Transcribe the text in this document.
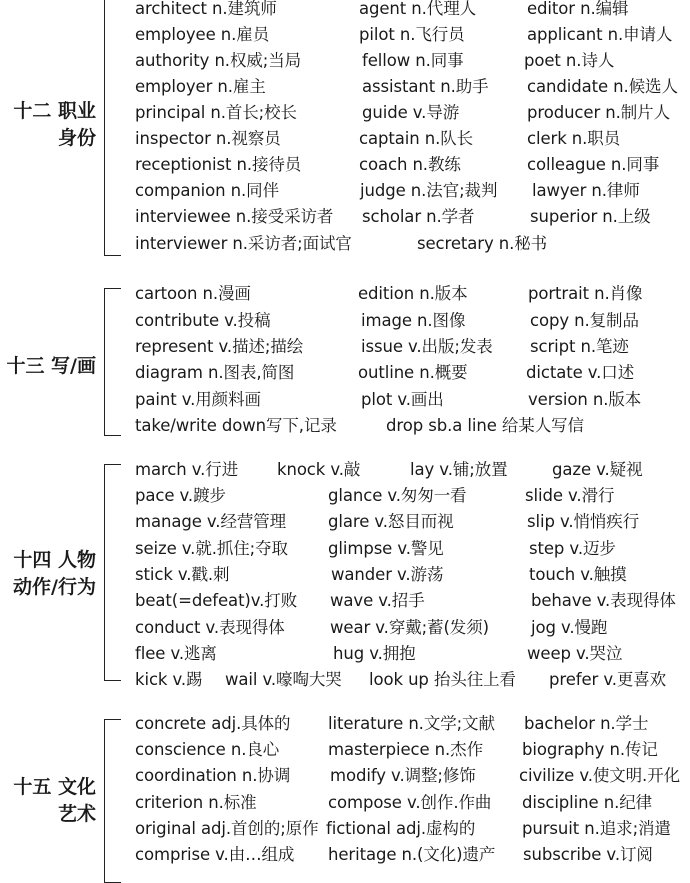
十二 职业
身份
architect n.建筑师	agent n.代理人	editor n.编辑
employee n.雇员	pilot n.飞行员	applicant n.申请人
authority n.权威;当局	fellow n.同事	poet n.诗人
employer n.雇主	assistant n.助手 candidate n.候选人
principal n.首长;校长	guide v.导游	producer n.制片人
inspector n.视察员	captain n.队长	clerk n.职员
receptionist n.接待员	coach n.教练	colleague n.同事
companion n.同伴	judge n.法官;裁判 lawyer n.律师
interviewee n.接受采访者 scholar n.学者	superior n.上级
interviewer n.采访者;面试官	secretary n.秘书
十三 写/画
cartoon n.漫画	edition n.版本	portrait n.肖像
contribute v.投稿	image n.图像	copy n.复制品
represent v.描述;描绘	issue v.出版;发表 script n.笔迹
diagram n.图表,简图	outline n.概要	dictate v.口述
paint v.用颜料画	plot v.画出	version n.版本
take/write down写下,记录	drop sb.a line 给某人写信
十四 人物
动作/行为
march v.行进 knock v.敲	lay v.铺;放置	gaze v.疑视
pace v.踱步	glance v.匆匆一看	slide v.滑行
manage v.经营管理	glare v.怒目而视	slip v.悄悄疾行
seize v.就.抓住;夺取 glimpse v.警见	step v.迈步
stick v.戳.刺	wander v.游荡	touch v.触摸
beat(=defeat)v.打败 wave v.招手	behave v.表现得体
conduct v.表现得体	wear v.穿戴;蓄(发须)	jog v.慢跑
flee v.逃离	hug v.拥抱	weep v.哭泣
kick v.踢 wail v.嚎啕大哭 look up 抬头往上看 prefer v.更喜欢
十五 文化
艺术
concrete adj.具体的 literature n.文学;文献 bachelor n.学士
conscience n.良心	masterpiece n.杰作 biography n.传记
coordination n.协调 modify v.调整;修饰	civilize v.使文明.开化
criterion n.标准	compose v.创作.作曲 discipline n.纪律
original adj.首创的;原作 fictional adj.虚构的	pursuit n.追求;消遣
comprise v.由…组成 heritage n.(文化)遗产 subscribe v.订阅
